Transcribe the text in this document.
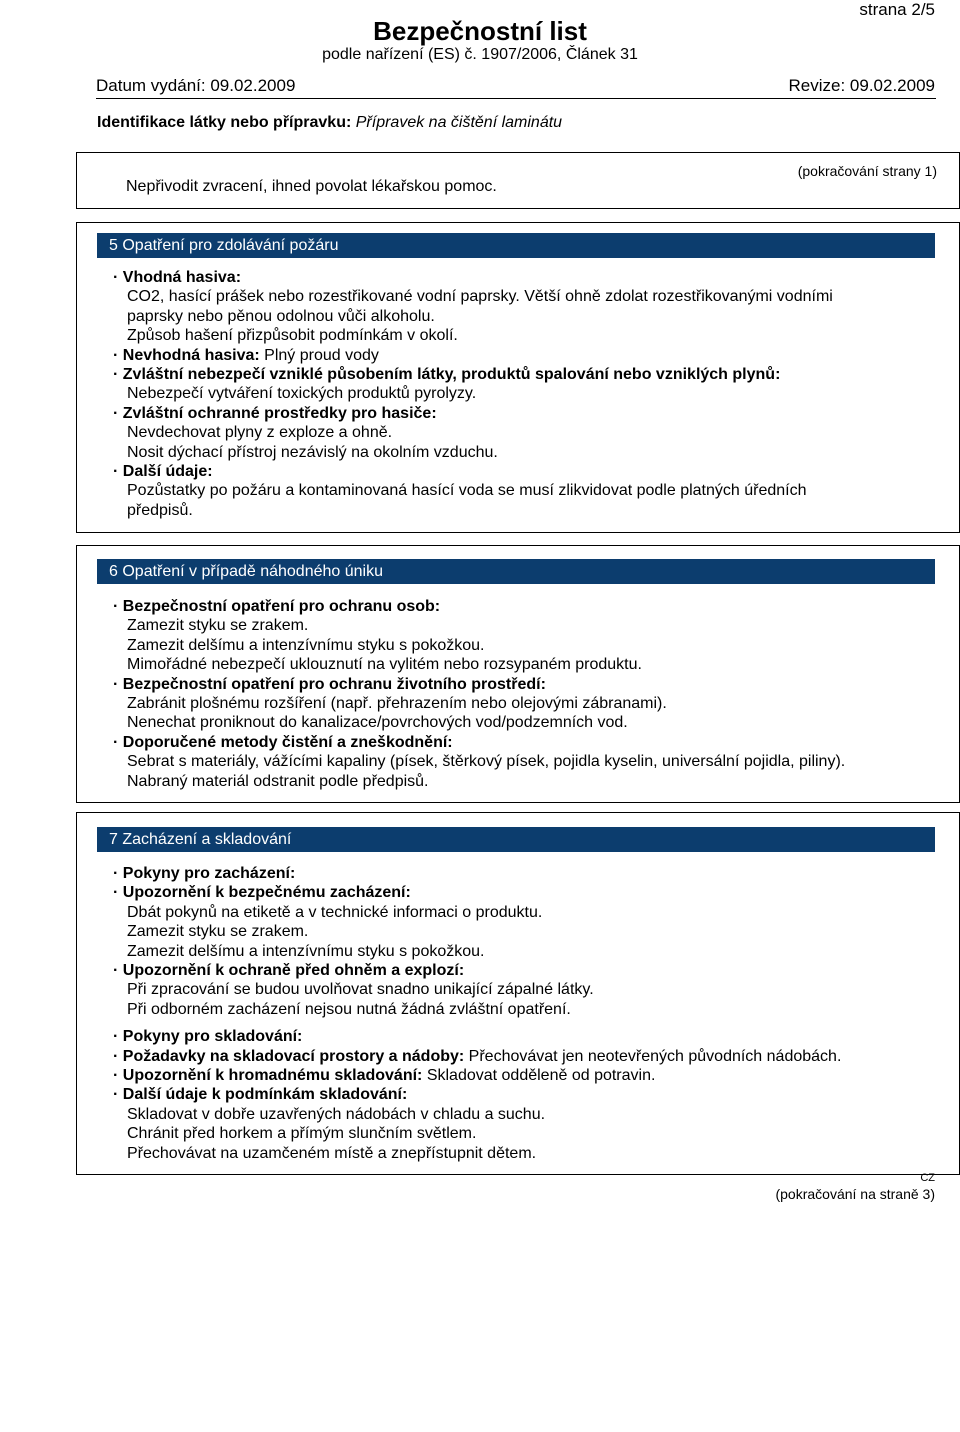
strana 2/5
Bezpečnostní list
podle nařízení (ES) č. 1907/2006, Článek 31
Datum vydání: 09.02.2009	Revize: 09.02.2009
Identifikace látky nebo přípravku: Přípravek na čištění laminátu
(pokračování strany 1)
Nepřivodit zvracení, ihned povolat lékařskou pomoc.
5 Opatření pro zdolávání požáru

· Vhodná hasiva:

CO2, hasící prášek nebo rozestřikované vodní paprsky. Větší ohně zdolat rozestřikovanými vodními

paprsky nebo pěnou odolnou vůči alkoholu.

Způsob hašení přizpůsobit podmínkám v okolí.

· Nevhodná hasiva: Plný proud vody

· Zvláštní nebezpečí vzniklé působením látky, produktů spalování nebo vzniklých plynů:

Nebezpečí vytváření toxických produktů pyrolyzy.

· Zvláštní ochranné prostředky pro hasiče:

Nevdechovat plyny z exploze a ohně.

Nosit dýchací přístroj nezávislý na okolním vzduchu.

· Další údaje:

Pozůstatky po požáru a kontaminovaná hasící voda se musí zlikvidovat podle platných úředních

předpisů.

6 Opatření v případě náhodného úniku

· Bezpečnostní opatření pro ochranu osob:

Zamezit styku se zrakem.

Zamezit delšímu a intenzívnímu styku s pokožkou.

Mimořádné nebezpečí uklouznutí na vylitém nebo rozsypaném produktu.

· Bezpečnostní opatření pro ochranu životního prostředí:

Zabránit plošnému rozšíření (např. přehrazením nebo olejovými zábranami).

Nenechat proniknout do kanalizace/povrchových vod/podzemních vod.

· Doporučené metody čistění a zneškodnění:

Sebrat s materiály, vážícími kapaliny (písek, štěrkový písek, pojidla kyselin, universální pojidla, piliny).

Nabraný materiál odstranit podle předpisů.

7 Zacházení a skladování

· Pokyny pro zacházení:

· Upozornění k bezpečnému zacházení:

Dbát pokynů na etiketě a v technické informaci o produktu.

Zamezit styku se zrakem.

Zamezit delšímu a intenzívnímu styku s pokožkou.

· Upozornění k ochraně před ohněm a explozí:

Při zpracování se budou uvolňovat snadno unikající zápalné látky.

Při odborném zacházení nejsou nutná žádná zvláštní opatření.

· Pokyny pro skladování:

· Požadavky na skladovací prostory a nádoby: Přechovávat jen neotevřených původních nádobách.

· Upozornění k hromadnému skladování: Skladovat odděleně od potravin.

· Další údaje k podmínkám skladování:

Skladovat v dobře uzavřených nádobách v chladu a suchu.

Chránit před horkem a přímým slunčním světlem.

Přechovávat na uzamčeném místě a znepřístupnit dětem.

CZ
(pokračování na straně 3)
